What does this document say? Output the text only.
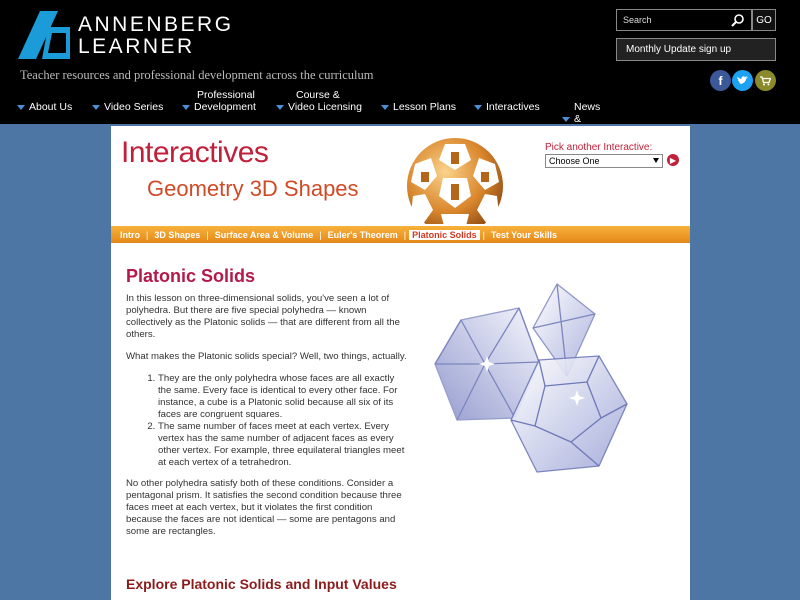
ANNENBERG
LEARNER
Teacher resources and professional development across the curriculum
Search
GO
Monthly Update sign up
f
About Us	Video Series
Professional
Development
Course &
Video Licensing	Lesson Plans	Interactives	News &
Interactives
Geometry 3D Shapes
Pick another Interactive:
Choose One	▶
Intro | 3D Shapes | Surface Area & Volume | Euler's Theorem | Platonic Solids | Test Your Skills
Platonic Solids

In this lesson on three-dimensional solids, you've seen a lot of polyhedra. But there are five special polyhedra — known collectively as the Platonic solids — that are different from all the others.

What makes the Platonic solids special? Well, two things, actually.

1. They are the only polyhedra whose faces are all exactly the same. Every face is identical to every other face. For instance, a cube is a Platonic solid because all six of its faces are congruent squares.
2. The same number of faces meet at each vertex. Every vertex has the same number of adjacent faces as every other vertex. For example, three equilateral triangles meet at each vertex of a tetrahedron.

No other polyhedra satisfy both of these conditions. Consider a pentagonal prism. It satisfies the second condition because three faces meet at each vertex, but it violates the first condition because the faces are not identical — some are pentagons and some are rectangles.

Explore Platonic Solids and Input Values
